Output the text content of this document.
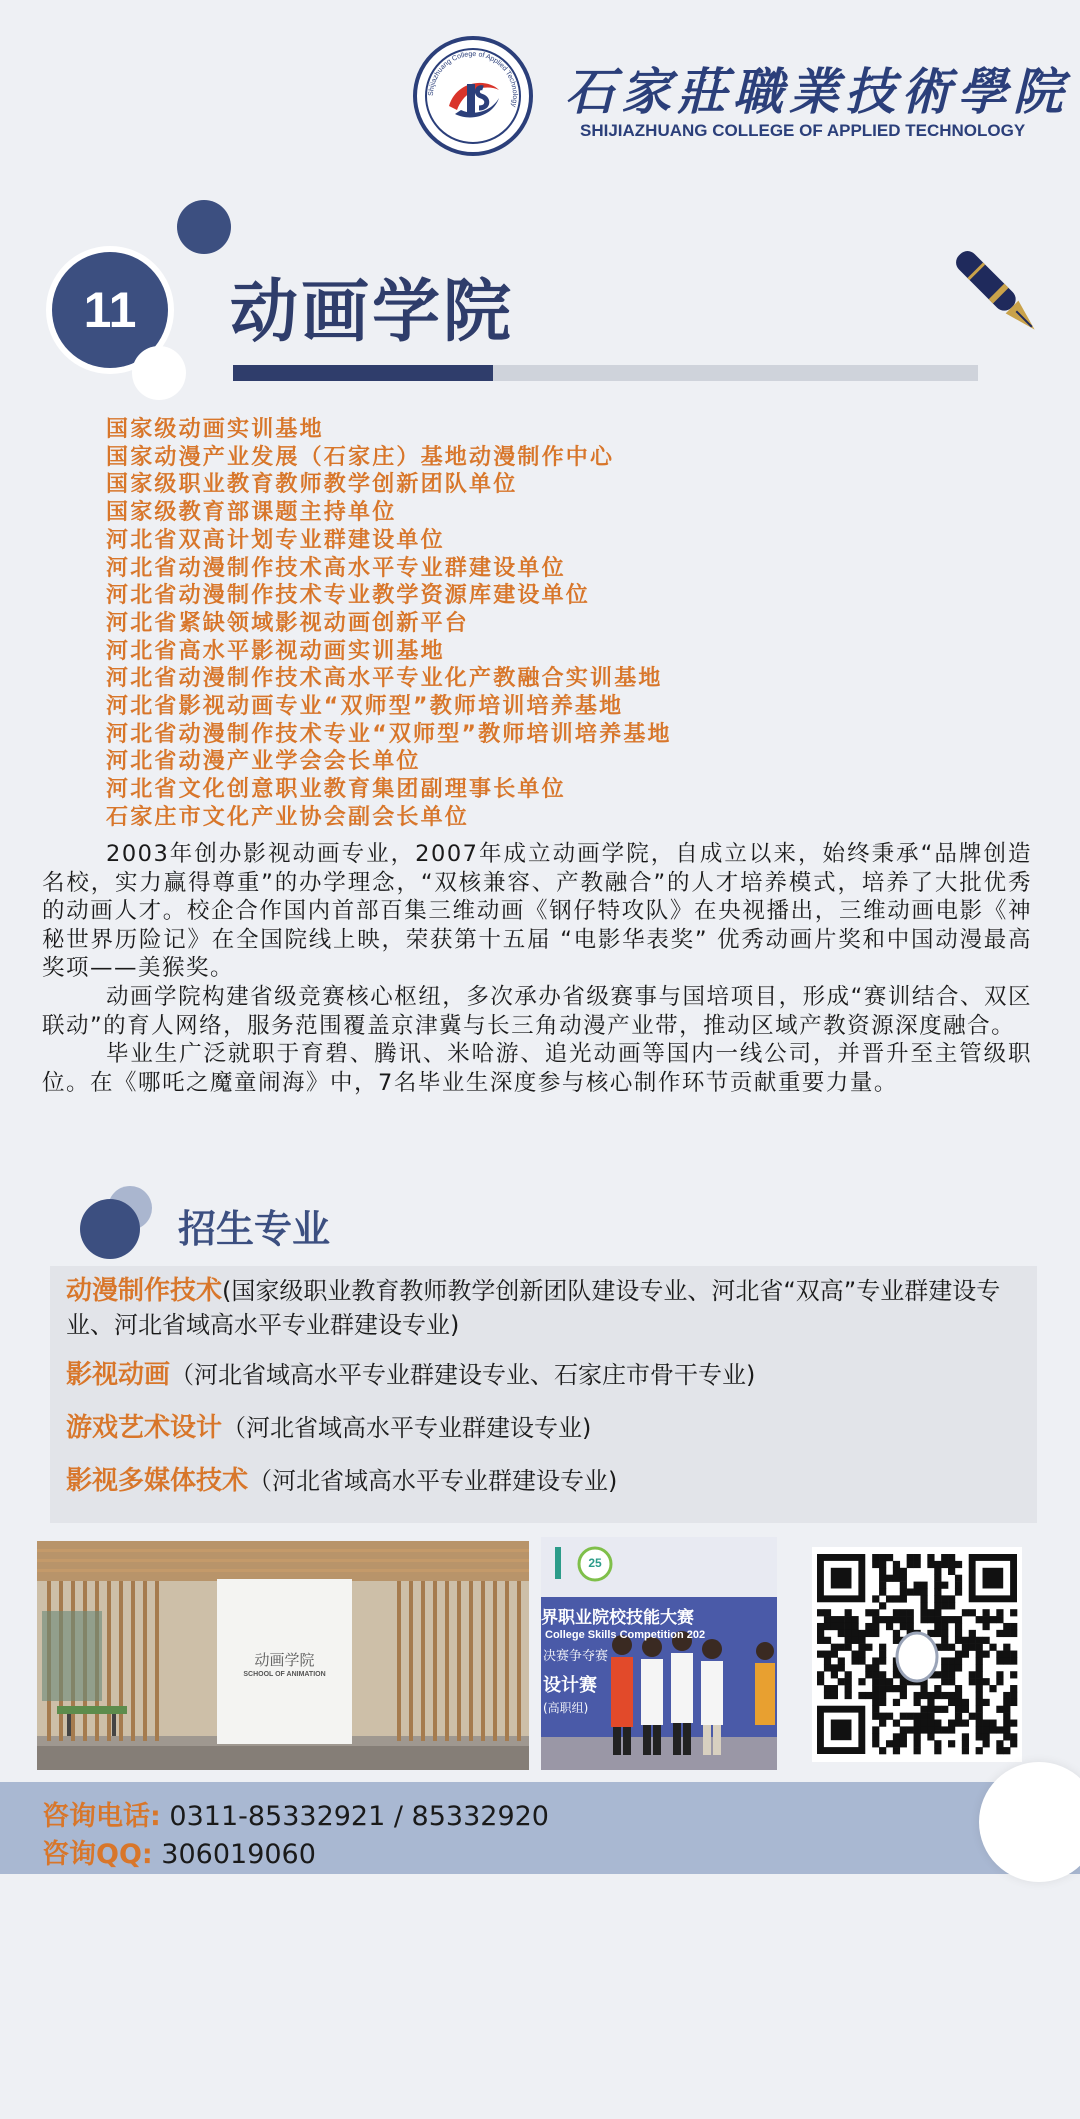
Shijiazhuang College of Applied Technology 石家莊職業技術學院
SHIJIAZHUANG COLLEGE OF APPLIED TECHNOLOGY
11	动画学院
国家级动画实训基地
国家动漫产业发展（石家庄）基地动漫制作中心
国家级职业教育教师教学创新团队单位
国家级教育部课题主持单位
河北省双高计划专业群建设单位
河北省动漫制作技术高水平专业群建设单位
河北省动漫制作技术专业教学资源库建设单位
河北省紧缺领域影视动画创新平台
河北省高水平影视动画实训基地
河北省动漫制作技术高水平专业化产教融合实训基地
河北省影视动画专业“双师型”教师培训培养基地
河北省动漫制作技术专业“双师型”教师培训培养基地
河北省动漫产业学会会长单位
河北省文化创意职业教育集团副理事长单位
石家庄市文化产业协会副会长单位

2003年创办影视动画专业，2007年成立动画学院，自成立以来，始终秉承“品牌创造名校，实力赢得尊重”的办学理念，“双核兼容、产教融合”的人才培养模式，培养了大批优秀的动画人才。校企合作国内首部百集三维动画《钢仔特攻队》在央视播出，三维动画电影《神秘世界历险记》在全国院线上映，荣获第十五届 “电影华表奖” 优秀动画片奖和中国动漫最高奖项——美猴奖。

动画学院构建省级竞赛核心枢纽，多次承办省级赛事与国培项目，形成“赛训结合、双区联动”的育人网络，服务范围覆盖京津冀与长三角动漫产业带，推动区域产教资源深度融合。

毕业生广泛就职于育碧、腾讯、米哈游、追光动画等国内一线公司，并晋升至主管级职位。在《哪吒之魔童闹海》中，7名毕业生深度参与核心制作环节贡献重要力量。

招生专业
动漫制作技术(国家级职业教育教师教学创新团队建设专业、河北省“双高”专业群建设专业、河北省域高水平专业群建设专业)
影视动画（河北省域高水平专业群建设专业、石家庄市骨干专业)
游戏艺术设计（河北省域高水平专业群建设专业)
影视多媒体技术（河北省域高水平专业群建设专业)
动画学院
SCHOOL OF ANIMATION
25
界职业院校技能大赛
College Skills Competition 202
决赛争夺赛
设计赛
(高职组)
咨询电话: 0311-85332921 / 85332920
咨询QQ: 306019060
